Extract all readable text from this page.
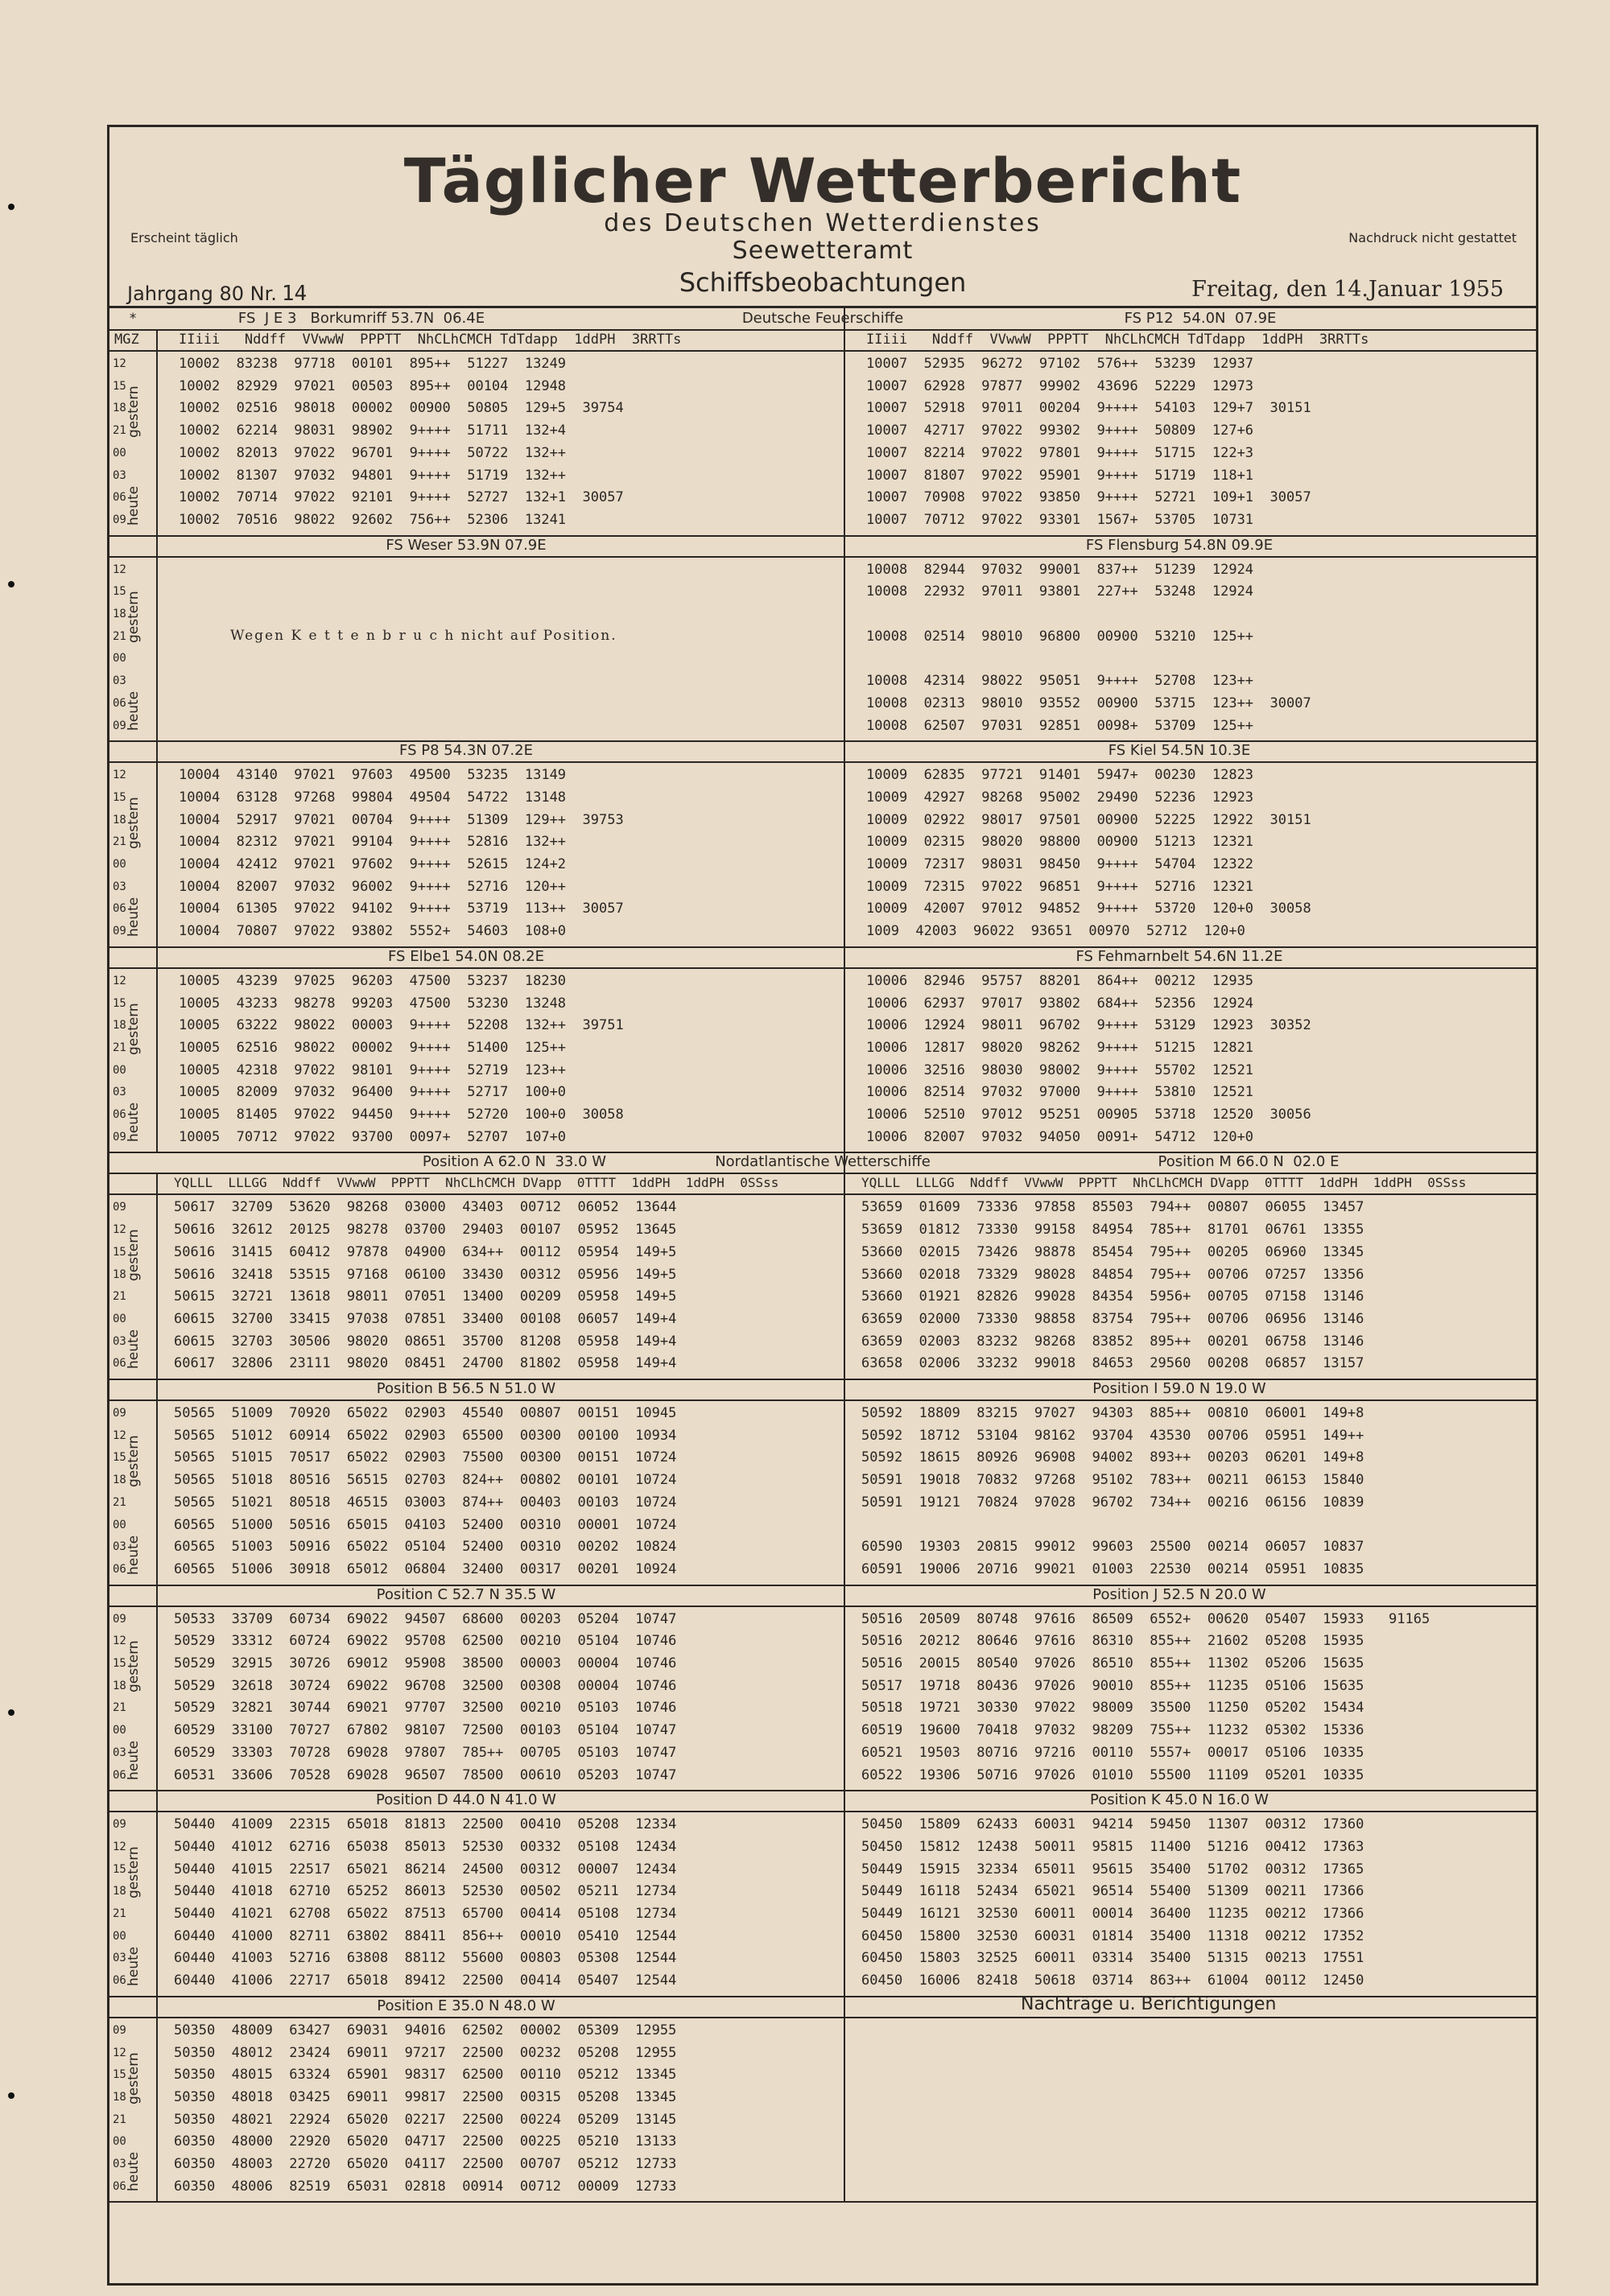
Täglicher Wetterbericht
des Deutschen Wetterdienstes
Seewetteramt
Schiffsbeobachtungen
Erscheint täglich	Nachdruck nicht gestattet
Jahrgang 80 Nr. 14	Freitag, den 14.Januar 1955
Deutsche Feuerschiffe
*	FS  J E 3   Borkumriff 53.7N  06.4E	FS P12  54.0N  07.9E
MGZ	IIiii   Nddff  VVwwW  PPPTT  NhCLhCMCH TdTdapp  1ddPH  3RRTTs	IIiii   Nddff  VVwwW  PPPTT  NhCLhCMCH TdTdapp  1ddPH  3RRTTs
12	10002  83238  97718  00101  895++  51227  13249	10007  52935  96272  97102  576++  53239  12937
15	10002  82929  97021  00503  895++  00104  12948	10007  62928  97877  99902  43696  52229  12973
18	10002  02516  98018  00002  00900  50805  129+5  39754	10007  52918  97011  00204  9++++  54103  129+7  30151
21	10002  62214  98031  98902  9++++  51711  132+4	10007  42717  97022  99302  9++++  50809  127+6
00	10002  82013  97022  96701  9++++  50722  132++	10007  82214  97022  97801  9++++  51715  122+3
03	10002  81307  97032  94801  9++++  51719  132++	10007  81807  97022  95901  9++++  51719  118+1
06	10002  70714  97022  92101  9++++  52727  132+1  30057	10007  70908  97022  93850  9++++  52721  109+1  30057
09	10002  70516  98022  92602  756++  52306  13241	10007  70712  97022  93301  1567+  53705  10731
gestern
heute
FS Weser 53.9N 07.9E	FS Flensburg 54.8N 09.9E
12	10008  82944  97032  99001  837++  51239  12924
15	10008  22932  97011  93801  227++  53248  12924
18
21	10008  02514  98010  96800  00900  53210  125++
00
03	10008  42314  98022  95051  9++++  52708  123++
06	10008  02313  98010  93552  00900  53715  123++  30007
09	10008  62507  97031  92851  0098+  53709  125++
gestern
heute
FS P8 54.3N 07.2E	FS Kiel 54.5N 10.3E
12	10004  43140  97021  97603  49500  53235  13149	10009  62835  97721  91401  5947+  00230  12823
15	10004  63128  97268  99804  49504  54722  13148	10009  42927  98268  95002  29490  52236  12923
18	10004  52917  97021  00704  9++++  51309  129++  39753	10009  02922  98017  97501  00900  52225  12922  30151
21	10004  82312  97021  99104  9++++  52816  132++	10009  02315  98020  98800  00900  51213  12321
00	10004  42412  97021  97602  9++++  52615  124+2	10009  72317  98031  98450  9++++  54704  12322
03	10004  82007  97032  96002  9++++  52716  120++	10009  72315  97022  96851  9++++  52716  12321
06	10004  61305  97022  94102  9++++  53719  113++  30057	10009  42007  97012  94852  9++++  53720  120+0  30058
09	10004  70807  97022  93802  5552+  54603  108+0	1009  42003  96022  93651  00970  52712  120+0
gestern
heute
FS Elbe1 54.0N 08.2E	FS Fehmarnbelt 54.6N 11.2E
12	10005  43239  97025  96203  47500  53237  18230	10006  82946  95757  88201  864++  00212  12935
15	10005  43233  98278  99203  47500  53230  13248	10006  62937  97017  93802  684++  52356  12924
18	10005  63222  98022  00003  9++++  52208  132++  39751	10006  12924  98011  96702  9++++  53129  12923  30352
21	10005  62516  98022  00002  9++++  51400  125++	10006  12817  98020  98262  9++++  51215  12821
00	10005  42318  97022  98101  9++++  52719  123++	10006  32516  98030  98002  9++++  55702  12521
03	10005  82009  97032  96400  9++++  52717  100+0	10006  82514  97032  97000  9++++  53810  12521
06	10005  81405  97022  94450  9++++  52720  100+0  30058	10006  52510  97012  95251  00905  53718  12520  30056
09	10005  70712  97022  93700  0097+  52707  107+0	10006  82007  97032  94050  0091+  54712  120+0
gestern
heute
Wegen K e t t e n b r u c h nicht auf Position.
Nordatlantische Wetterschiffe
Position A 62.0 N  33.0 W	Position M 66.0 N  02.0 E
YQLLL  LLLGG  Nddff  VVwwW  PPPTT  NhCLhCMCH DVapp  0TTTT  1ddPH  1ddPH  0SSss	YQLLL  LLLGG  Nddff  VVwwW  PPPTT  NhCLhCMCH DVapp  0TTTT  1ddPH  1ddPH  0SSss
09	50617  32709  53620  98268  03000  43403  00712  06052  13644	53659  01609  73336  97858  85503  794++  00807  06055  13457
12	50616  32612  20125  98278  03700  29403  00107  05952  13645	53659  01812  73330  99158  84954  785++  81701  06761  13355
15	50616  31415  60412  97878  04900  634++  00112  05954  149+5	53660  02015  73426  98878  85454  795++  00205  06960  13345
18	50616  32418  53515  97168  06100  33430  00312  05956  149+5	53660  02018  73329  98028  84854  795++  00706  07257  13356
21	50615  32721  13618  98011  07051  13400  00209  05958  149+5	53660  01921  82826  99028  84354  5956+  00705  07158  13146
00	60615  32700  33415  97038  07851  33400  00108  06057  149+4	63659  02000  73330  98858  83754  795++  00706  06956  13146
03	60615  32703  30506  98020  08651  35700  81208  05958  149+4	63659  02003  83232  98268  83852  895++  00201  06758  13146
06	60617  32806  23111  98020  08451  24700  81802  05958  149+4	63658  02006  33232  99018  84653  29560  00208  06857  13157
gestern
heute
Position B 56.5 N 51.0 W	Position I 59.0 N 19.0 W
09	50565  51009  70920  65022  02903  45540  00807  00151  10945	50592  18809  83215  97027  94303  885++  00810  06001  149+8
12	50565  51012  60914  65022  02903  65500  00300  00100  10934	50592  18712  53104  98162  93704  43530  00706  05951  149++
15	50565  51015  70517  65022  02903  75500  00300  00151  10724	50592  18615  80926  96908  94002  893++  00203  06201  149+8
18	50565  51018  80516  56515  02703  824++  00802  00101  10724	50591  19018  70832  97268  95102  783++  00211  06153  15840
21	50565  51021  80518  46515  03003  874++  00403  00103  10724	50591  19121  70824  97028  96702  734++  00216  06156  10839
00	60565  51000  50516  65015  04103  52400  00310  00001  10724
03	60565  51003  50916  65022  05104  52400  00310  00202  10824	60590  19303  20815  99012  99603  25500  00214  06057  10837
06	60565  51006  30918  65012  06804  32400  00317  00201  10924	60591  19006  20716  99021  01003  22530  00214  05951  10835
gestern
heute
Position C 52.7 N 35.5 W	Position J 52.5 N 20.0 W
09	50533  33709  60734  69022  94507  68600  00203  05204  10747	50516  20509  80748  97616  86509  6552+  00620  05407  15933   91165
12	50529  33312  60724  69022  95708  62500  00210  05104  10746	50516  20212  80646  97616  86310  855++  21602  05208  15935
15	50529  32915  30726  69012  95908  38500  00003  00004  10746	50516  20015  80540  97026  86510  855++  11302  05206  15635
18	50529  32618  30724  69022  96708  32500  00308  00004  10746	50517  19718  80436  97026  90010  855++  11235  05106  15635
21	50529  32821  30744  69021  97707  32500  00210  05103  10746	50518  19721  30330  97022  98009  35500  11250  05202  15434
00	60529  33100  70727  67802  98107  72500  00103  05104  10747	60519  19600  70418  97032  98209  755++  11232  05302  15336
03	60529  33303  70728  69028  97807  785++  00705  05103  10747	60521  19503  80716  97216  00110  5557+  00017  05106  10335
06	60531  33606  70528  69028  96507  78500  00610  05203  10747	60522  19306  50716  97026  01010  55500  11109  05201  10335
gestern
heute
Position D 44.0 N 41.0 W	Position K 45.0 N 16.0 W
09	50440  41009  22315  65018  81813  22500  00410  05208  12334	50450  15809  62433  60031  94214  59450  11307  00312  17360
12	50440  41012  62716  65038  85013  52530  00332  05108  12434	50450  15812  12438  50011  95815  11400  51216  00412  17363
15	50440  41015  22517  65021  86214  24500  00312  00007  12434	50449  15915  32334  65011  95615  35400  51702  00312  17365
18	50440  41018  62710  65252  86013  52530  00502  05211  12734	50449  16118  52434  65021  96514  55400  51309  00211  17366
21	50440  41021  62708  65022  87513  65700  00414  05108  12734	50449  16121  32530  60011  00014  36400  11235  00212  17366
00	60440  41000  82711  63802  88411  856++  00010  05410  12544	60450  15800  32530  60031  01814  35400  11318  00212  17352
03	60440  41003  52716  63808  88112  55600  00803  05308  12544	60450  15803  32525  60011  03314  35400  51315  00213  17551
06	60440  41006  22717  65018  89412  22500  00414  05407  12544	60450  16006  82418  50618  03714  863++  61004  00112  12450
gestern
heute
Position E 35.0 N 48.0 W
09	50350  48009  63427  69031  94016  62502  00002  05309  12955
12	50350  48012  23424  69011  97217  22500  00232  05208  12955
15	50350  48015  63324  65901  98317  62500  00110  05212  13345
18	50350  48018  03425  69011  99817  22500  00315  05208  13345
21	50350  48021  22924  65020  02217  22500  00224  05209  13145
00	60350  48000  22920  65020  04717  22500  00225  05210  13133
03	60350  48003  22720  65020  04117  22500  00707  05212  12733
06	60350  48006  82519  65031  02818  00914  00712  00009  12733
gestern
heute
Nachträge u. Berichtigungen
